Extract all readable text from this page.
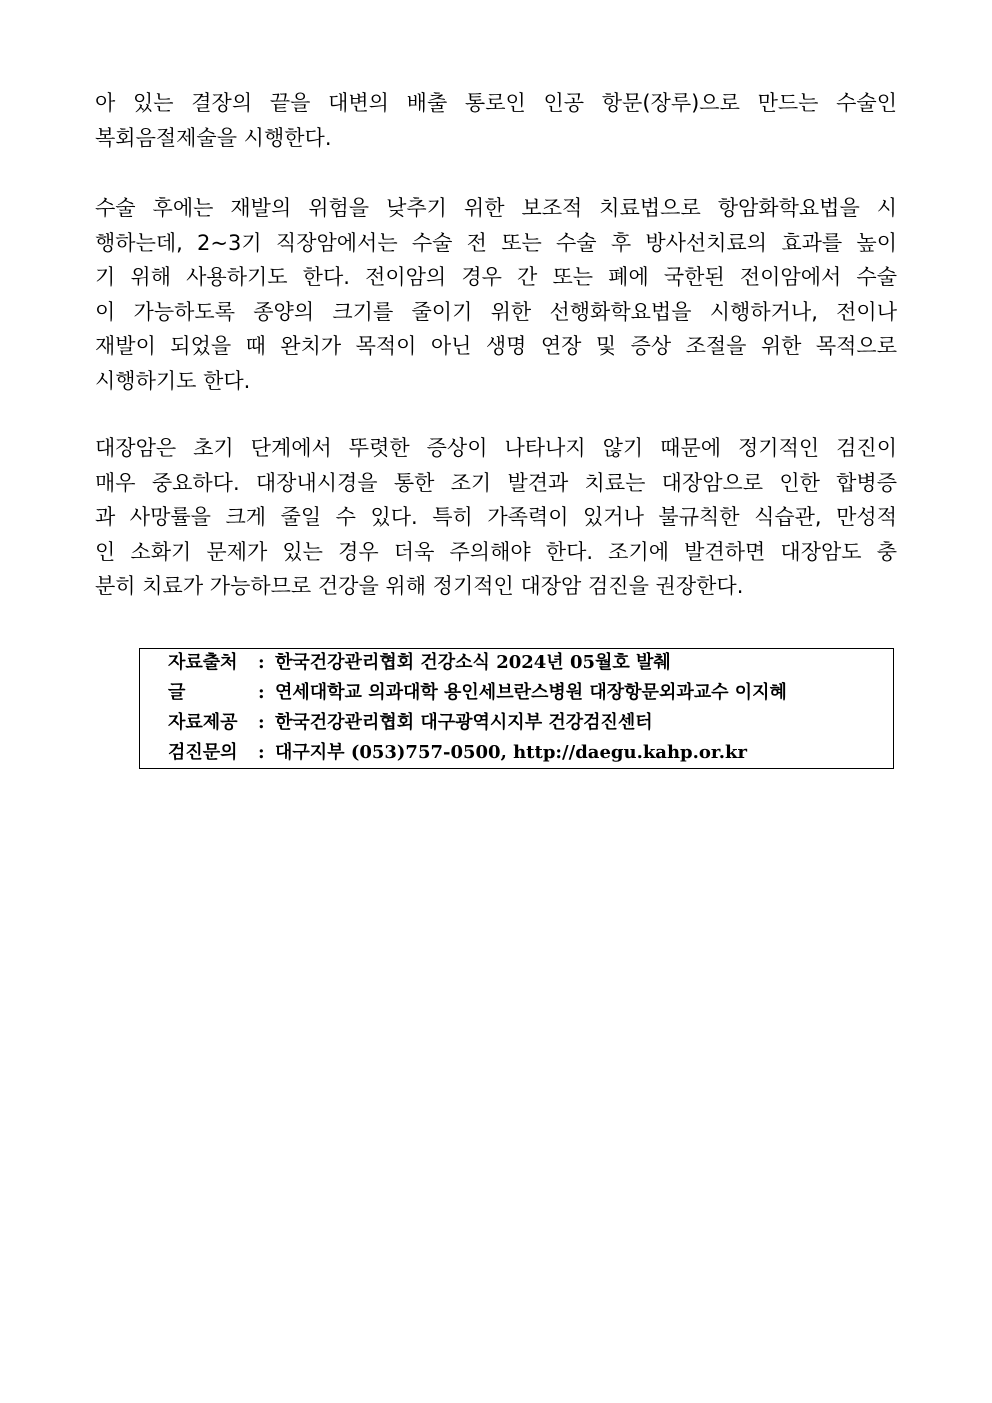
아 있는 결장의 끝을 대변의 배출 통로인 인공 항문(장루)으로 만드는 수술인
복회음절제술을 시행한다.
수술 후에는 재발의 위험을 낮추기 위한 보조적 치료법으로 항암화학요법을 시
행하는데, 2~3기 직장암에서는 수술 전 또는 수술 후 방사선치료의 효과를 높이
기 위해 사용하기도 한다. 전이암의 경우 간 또는 폐에 국한된 전이암에서 수술
이 가능하도록 종양의 크기를 줄이기 위한 선행화학요법을 시행하거나, 전이나
재발이 되었을 때 완치가 목적이 아닌 생명 연장 및 증상 조절을 위한 목적으로
시행하기도 한다.
대장암은 초기 단계에서 뚜렷한 증상이 나타나지 않기 때문에 정기적인 검진이
매우 중요하다. 대장내시경을 통한 조기 발견과 치료는 대장암으로 인한 합병증
과 사망률을 크게 줄일 수 있다. 특히 가족력이 있거나 불규칙한 식습관, 만성적
인 소화기 문제가 있는 경우 더욱 주의해야 한다. 조기에 발견하면 대장암도 충
분히 치료가 가능하므로 건강을 위해 정기적인 대장암 검진을 권장한다.
자료출처	: 한국건강관리협회 건강소식 2024년 05월호 발췌
글	: 연세대학교 의과대학 용인세브란스병원 대장항문외과교수 이지혜
자료제공	: 한국건강관리협회 대구광역시지부 건강검진센터
검진문의	: 대구지부 (053)757-0500, http://daegu.kahp.or.kr
